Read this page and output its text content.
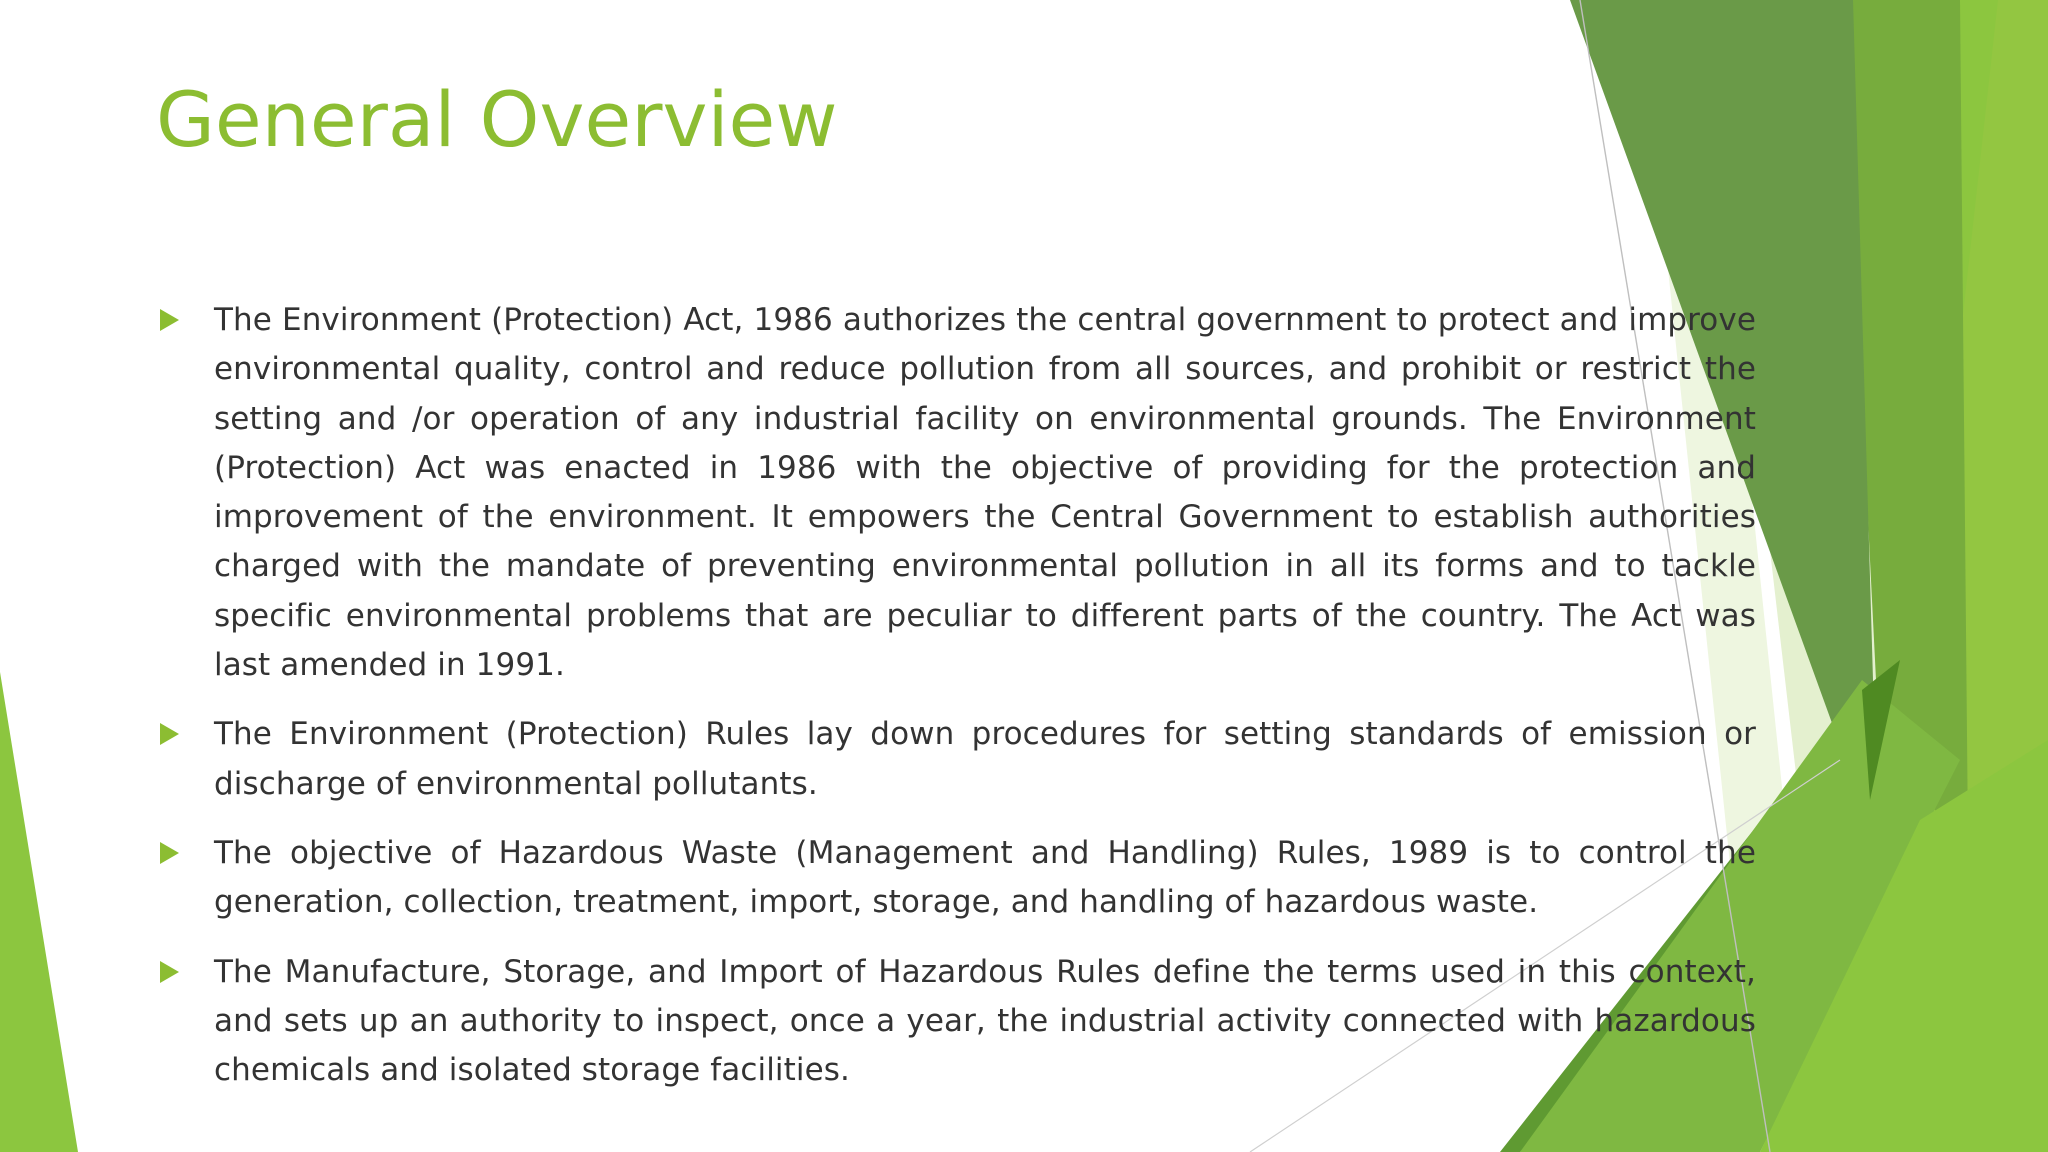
General Overview
The Environment (Protection) Act, 1986 authorizes the central government to protect and improve environmental quality, control and reduce pollution from all sources, and prohibit or restrict the setting and /or operation of any industrial facility on environmental grounds. The Environment (Protection) Act was enacted in 1986 with the objective of providing for the protection and improvement of the environment. It empowers the Central Government to establish authorities charged with the mandate of preventing environmental pollution in all its forms and to tackle specific environmental problems that are peculiar to different parts of the country. The Act was last amended in 1991.
The Environment (Protection) Rules lay down procedures for setting standards of emission or discharge of environmental pollutants.
The objective of Hazardous Waste (Management and Handling) Rules, 1989 is to control the generation, collection, treatment, import, storage, and handling of hazardous waste.
The Manufacture, Storage, and Import of Hazardous Rules define the terms used in this context, and sets up an authority to inspect, once a year, the industrial activity connected with hazardous chemicals and isolated storage facilities.
